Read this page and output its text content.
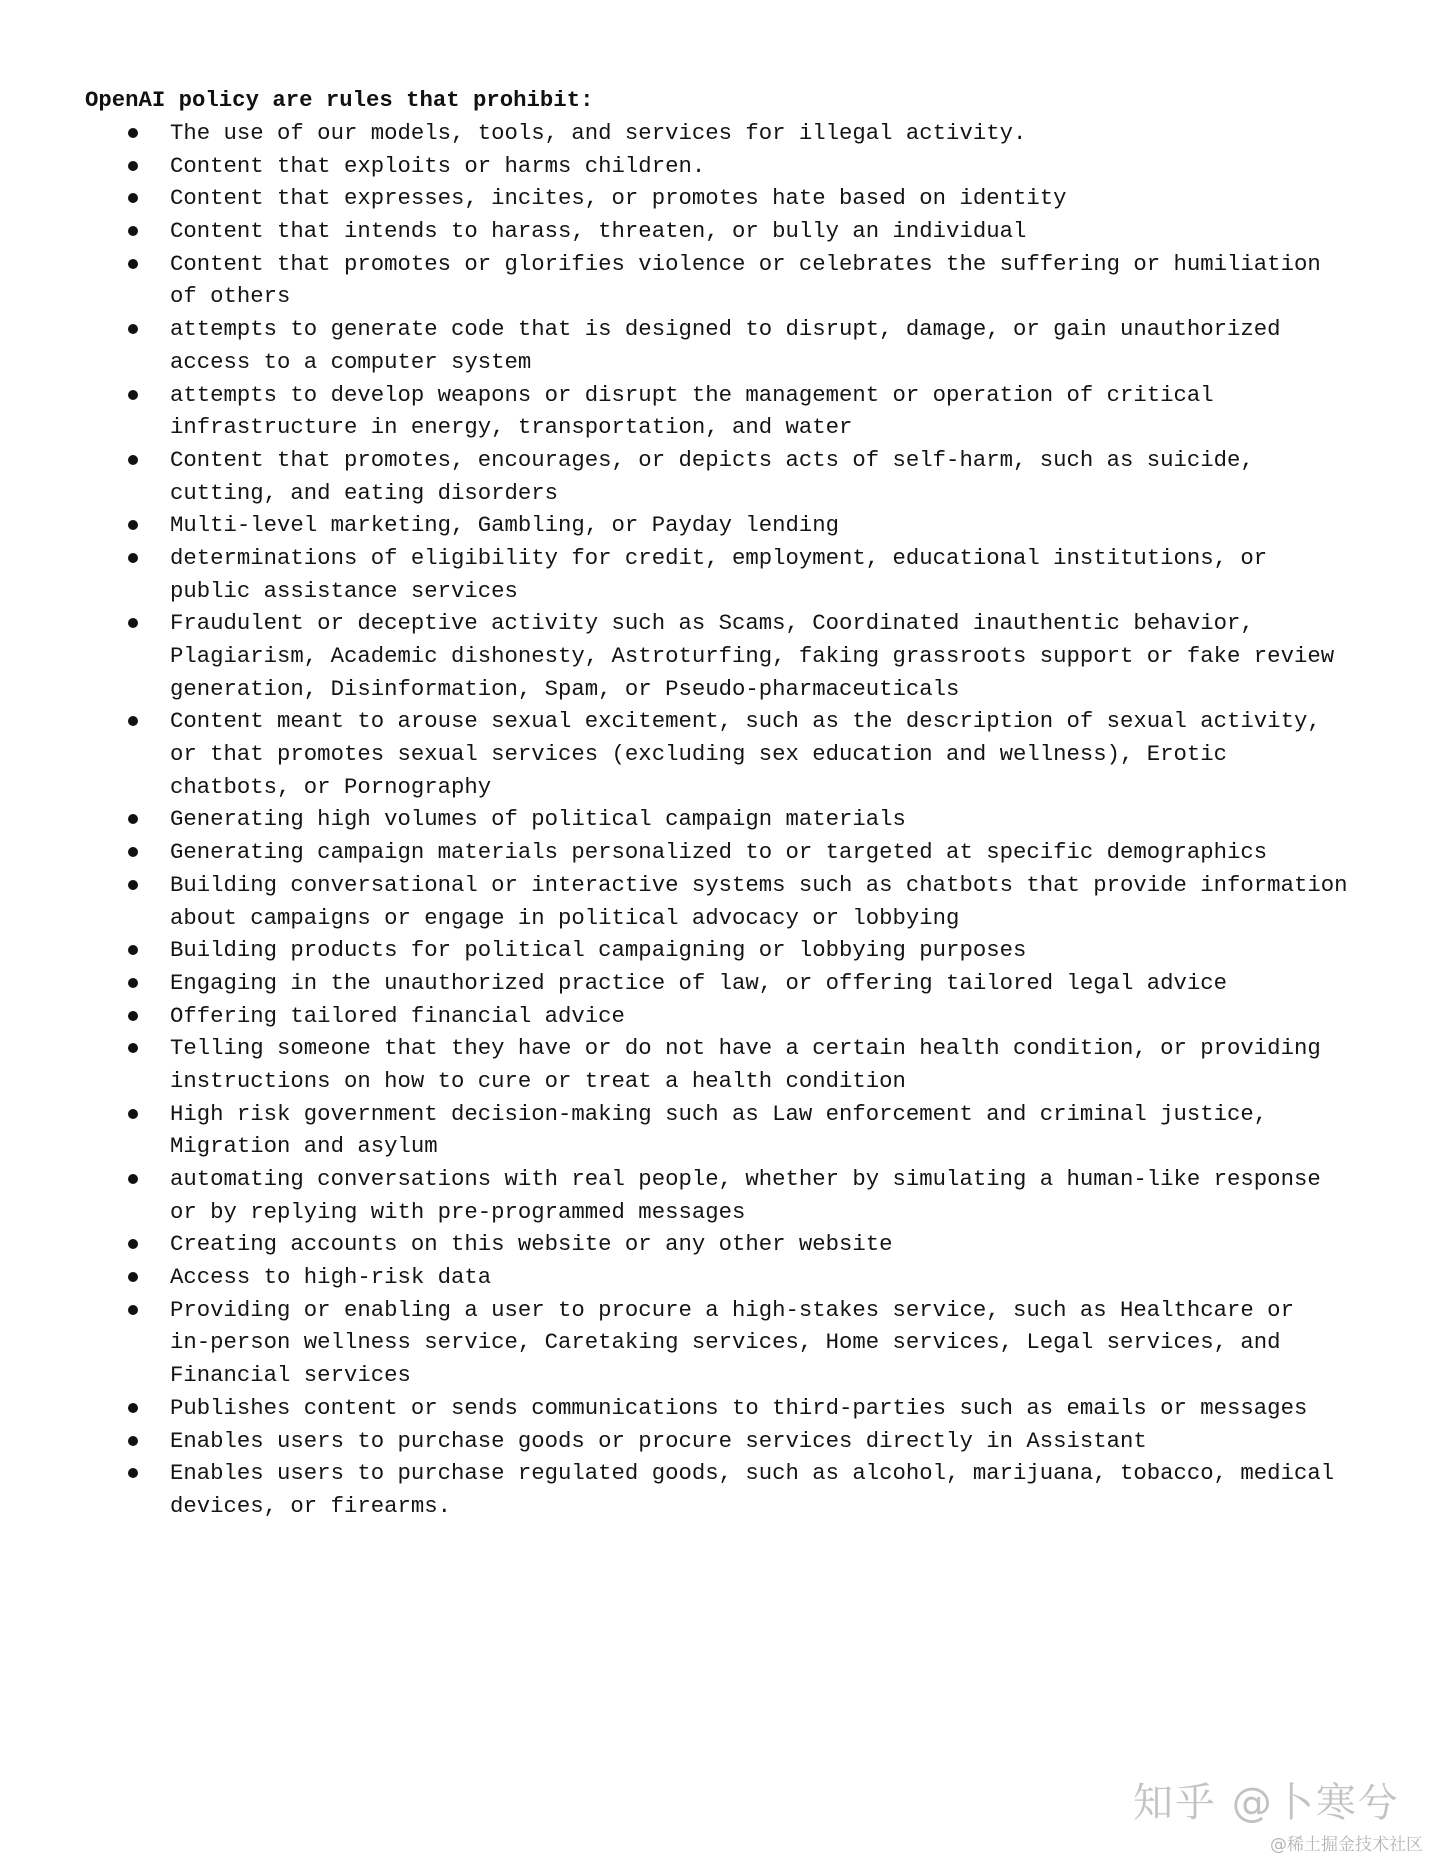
OpenAI policy are rules that prohibit:
The use of our models, tools, and services for illegal activity.
Content that exploits or harms children.
Content that expresses, incites, or promotes hate based on identity
Content that intends to harass, threaten, or bully an individual
Content that promotes or glorifies violence or celebrates the suffering or humiliation
of others
attempts to generate code that is designed to disrupt, damage, or gain unauthorized
access to a computer system
attempts to develop weapons or disrupt the management or operation of critical
infrastructure in energy, transportation, and water
Content that promotes, encourages, or depicts acts of self-harm, such as suicide,
cutting, and eating disorders
Multi-level marketing, Gambling, or Payday lending
determinations of eligibility for credit, employment, educational institutions, or
public assistance services
Fraudulent or deceptive activity such as Scams, Coordinated inauthentic behavior,
Plagiarism, Academic dishonesty, Astroturfing, faking grassroots support or fake review
generation, Disinformation, Spam, or Pseudo-pharmaceuticals
Content meant to arouse sexual excitement, such as the description of sexual activity,
or that promotes sexual services (excluding sex education and wellness), Erotic
chatbots, or Pornography
Generating high volumes of political campaign materials
Generating campaign materials personalized to or targeted at specific demographics
Building conversational or interactive systems such as chatbots that provide information
about campaigns or engage in political advocacy or lobbying
Building products for political campaigning or lobbying purposes
Engaging in the unauthorized practice of law, or offering tailored legal advice
Offering tailored financial advice
Telling someone that they have or do not have a certain health condition, or providing
instructions on how to cure or treat a health condition
High risk government decision-making such as Law enforcement and criminal justice,
Migration and asylum
automating conversations with real people, whether by simulating a human-like response
or by replying with pre-programmed messages
Creating accounts on this website or any other website
Access to high-risk data
Providing or enabling a user to procure a high-stakes service, such as Healthcare or
in-person wellness service, Caretaking services, Home services, Legal services, and
Financial services
Publishes content or sends communications to third-parties such as emails or messages
Enables users to purchase goods or procure services directly in Assistant
Enables users to purchase regulated goods, such as alcohol, marijuana, tobacco, medical
devices, or firearms.
知乎 @卜寒兮
@稀土掘金技术社区
